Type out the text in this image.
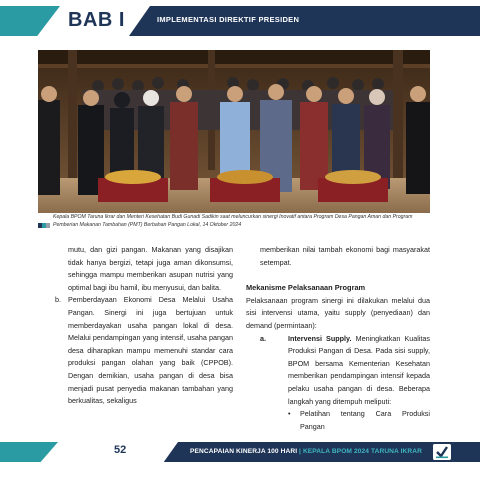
BAB I	IMPLEMENTASI DIREKTIF PRESIDEN
Kepala BPOM Taruna Ikrar dan Menteri Kesehatan Budi Gunadi Sadikin saat meluncurkan sinergi Inovatif antara Program Desa Pangan Aman dan Program Pemberian Makanan Tambahan (PMT) Berbahan Pangan Lokal, 14 Oktober 2024

mutu, dan gizi pangan. Makanan yang disajikan tidak hanya bergizi, tetapi juga aman dikonsumsi, sehingga mampu memberikan asupan nutrisi yang optimal bagi ibu hamil, ibu menyusui, dan balita.

b. Pemberdayaan Ekonomi Desa Melalui Usaha Pangan. Sinergi ini juga bertujuan untuk memberdayakan usaha pangan lokal di desa. Melalui pendampingan yang intensif, usaha pangan desa diharapkan mampu memenuhi standar cara produksi pangan olahan yang baik (CPPOB). Dengan demikian, usaha pangan di desa bisa menjadi pusat penyedia makanan tambahan yang berkualitas, sekaligus

memberikan nilai tambah ekonomi bagi masyarakat setempat.

Mekanisme Pelaksanaan Program

Pelaksanaan program sinergi ini dilakukan melalui dua sisi intervensi utama, yaitu supply (penyediaan) dan demand (permintaan):

a.	Intervensi Supply. Meningkatkan Kualitas Produksi Pangan di Desa. Pada sisi supply, BPOM bersama Kementerian Kesehatan memberikan pendampingan intensif kepada pelaku usaha pangan di desa. Beberapa langkah yang ditempuh meliputi:

• Pelatihan tentang Cara Produksi Pangan

52	PENCAPAIAN KINERJA 100 HARI | KEPALA BPOM 2024 TARUNA IKRAR
